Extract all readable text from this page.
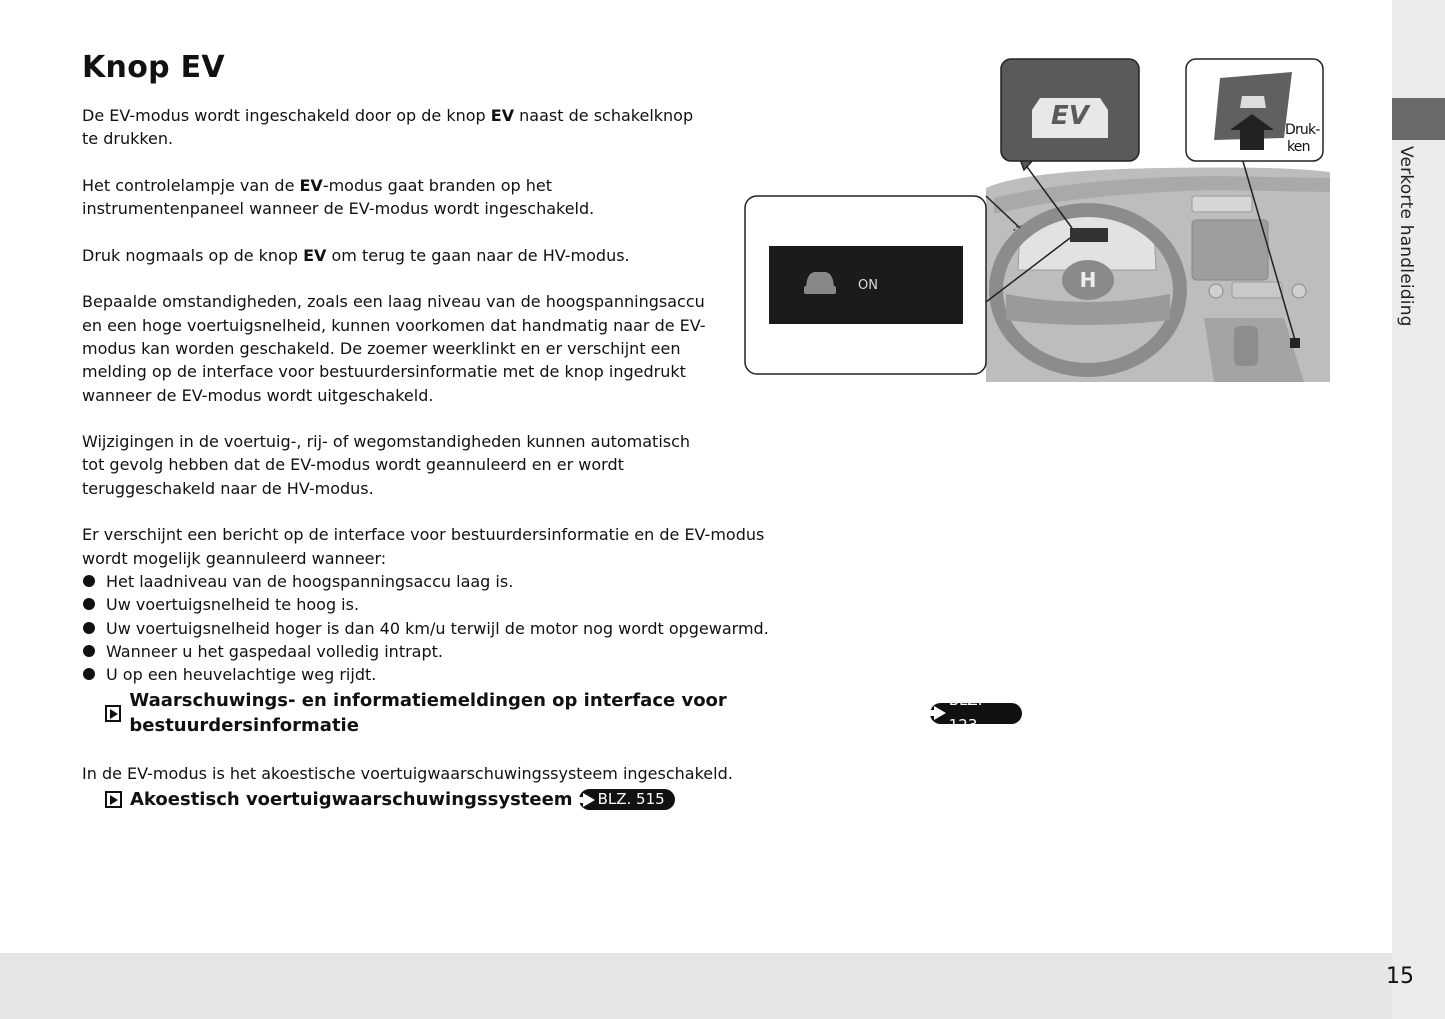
Verkorte handleiding
15
Knop EV

De EV-modus wordt ingeschakeld door op de knop EV naast de schakelknop te drukken.

Het controlelampje van de EV-modus gaat branden op het instrumentenpaneel wanneer de EV-modus wordt ingeschakeld.

Druk nogmaals op de knop EV om terug te gaan naar de HV-modus.

Bepaalde omstandigheden, zoals een laag niveau van de hoogspanningsaccu en een hoge voertuigsnelheid, kunnen voorkomen dat handmatig naar de EV-modus kan worden geschakeld. De zoemer weerklinkt en er verschijnt een melding op de interface voor bestuurdersinformatie met de knop ingedrukt wanneer de EV-modus wordt uitgeschakeld.

Wijzigingen in de voertuig-, rij- of wegomstandigheden kunnen automatisch tot gevolg hebben dat de EV-modus wordt geannuleerd en er wordt teruggeschakeld naar de HV-modus.

Er verschijnt een bericht op de interface voor bestuurdersinformatie en de EV-modus wordt mogelijk geannuleerd wanneer:

Het laadniveau van de hoogspanningsaccu laag is.
Uw voertuigsnelheid te hoog is.
Uw voertuigsnelheid hoger is dan 40 km/u terwijl de motor nog wordt opgewarmd.
Wanneer u het gaspedaal volledig intrapt.
U op een heuvelachtige weg rijdt.
Waarschuwings- en informatiemeldingen op interface voor bestuurdersinformatie
BLZ. 123

In de EV-modus is het akoestische voertuigwaarschuwingssysteem ingeschakeld.

Akoestisch voertuigwaarschuwingssysteem BLZ. 515
H
ON
EV	Druk-
ken
